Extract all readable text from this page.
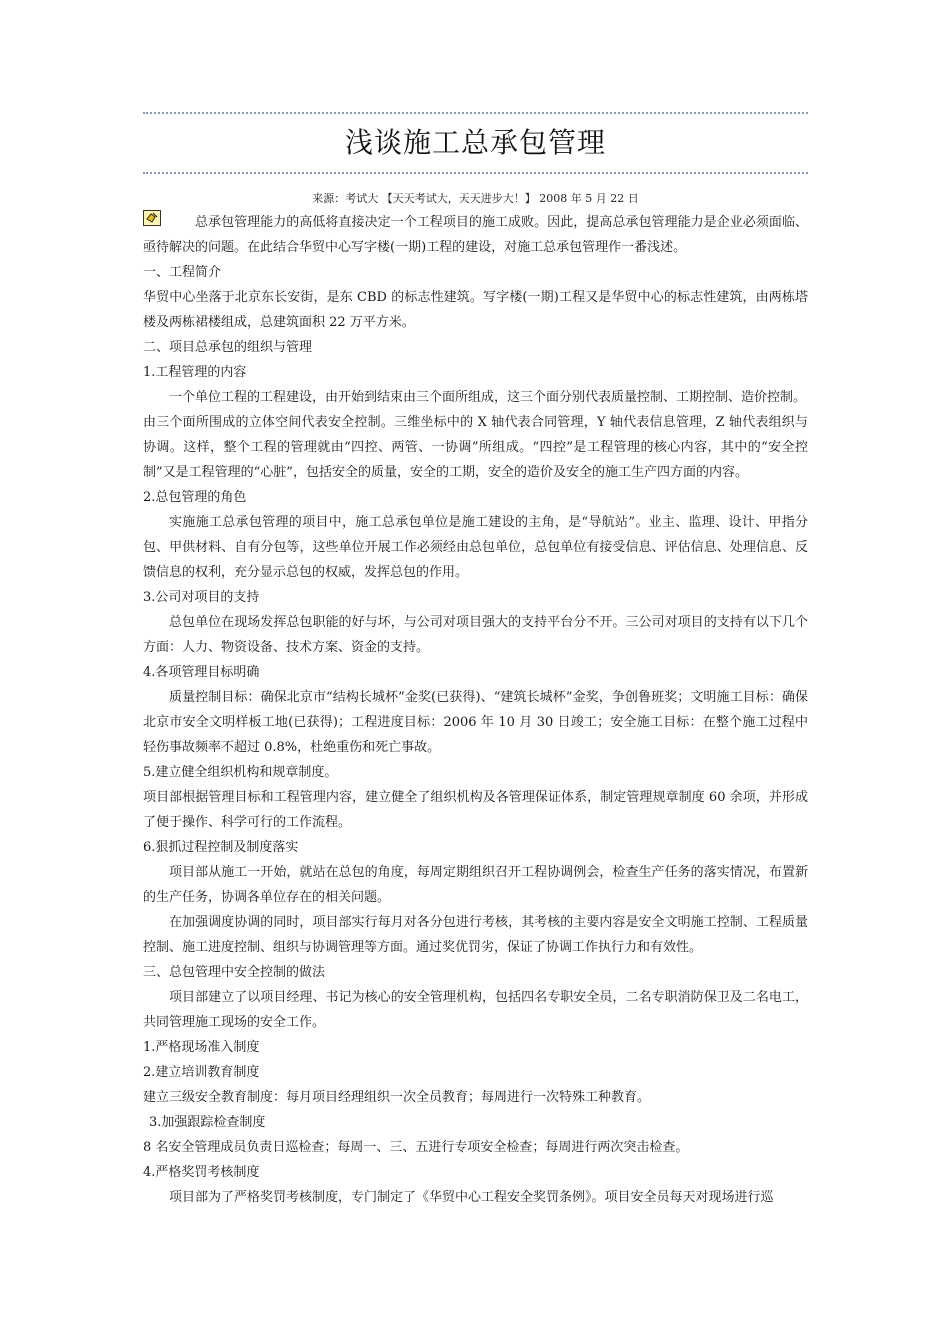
浅谈施工总承包管理
来源：考试大 【天天考试大，天天进步大！】 2008 年 5 月 22 日

总承包管理能力的高低将直接决定一个工程项目的施工成败。因此，提高总承包管理能力是企业必须面临、亟待解决的问题。在此结合华贸中心写字楼(一期)工程的建设，对施工总承包管理作一番浅述。

一、工程简介

华贸中心坐落于北京东长安街，是东 CBD 的标志性建筑。写字楼(一期)工程又是华贸中心的标志性建筑，由两栋塔楼及两栋裙楼组成，总建筑面积 22 万平方米。

二、项目总承包的组织与管理

1.工程管理的内容

一个单位工程的工程建设，由开始到结束由三个面所组成，这三个面分别代表质量控制、工期控制、造价控制。

由三个面所围成的立体空间代表安全控制。三维坐标中的 X 轴代表合同管理，Y 轴代表信息管理，Z 轴代表组织与协调。这样，整个工程的管理就由“四控、两管、一协调”所组成。“四控”是工程管理的核心内容，其中的“安全控制”又是工程管理的“心脏”，包括安全的质量，安全的工期，安全的造价及安全的施工生产四方面的内容。

2.总包管理的角色

实施施工总承包管理的项目中，施工总承包单位是施工建设的主角，是“导航站”。业主、监理、设计、甲指分包、甲供材料、自有分包等，这些单位开展工作必须经由总包单位，总包单位有接受信息、评估信息、处理信息、反馈信息的权利，充分显示总包的权威，发挥总包的作用。

3.公司对项目的支持

总包单位在现场发挥总包职能的好与坏，与公司对项目强大的支持平台分不开。三公司对项目的支持有以下几个方面：人力、物资设备、技术方案、资金的支持。

4.各项管理目标明确

质量控制目标：确保北京市“结构长城杯”金奖(已获得)、“建筑长城杯”金奖，争创鲁班奖；文明施工目标：确保北京市安全文明样板工地(已获得)；工程进度目标：2006 年 10 月 30 日竣工；安全施工目标：在整个施工过程中轻伤事故频率不超过 0.8%，杜绝重伤和死亡事故。

5.建立健全组织机构和规章制度。

项目部根据管理目标和工程管理内容，建立健全了组织机构及各管理保证体系，制定管理规章制度 60 余项，并形成了便于操作、科学可行的工作流程。

6.狠抓过程控制及制度落实

项目部从施工一开始，就站在总包的角度，每周定期组织召开工程协调例会，检查生产任务的落实情况，布置新的生产任务，协调各单位存在的相关问题。

在加强调度协调的同时，项目部实行每月对各分包进行考核，其考核的主要内容是安全文明施工控制、工程质量控制、施工进度控制、组织与协调管理等方面。通过奖优罚劣，保证了协调工作执行力和有效性。

三、总包管理中安全控制的做法

项目部建立了以项目经理、书记为核心的安全管理机构，包括四名专职安全员，二名专职消防保卫及二名电工，共同管理施工现场的安全工作。

1.严格现场准入制度

2.建立培训教育制度

建立三级安全教育制度：每月项目经理组织一次全员教育；每周进行一次特殊工种教育。

3.加强跟踪检查制度

8 名安全管理成员负责日巡检查；每周一、三、五进行专项安全检查；每周进行两次突击检查。

4.严格奖罚考核制度

项目部为了严格奖罚考核制度，专门制定了《华贸中心工程安全奖罚条例》。项目安全员每天对现场进行巡
